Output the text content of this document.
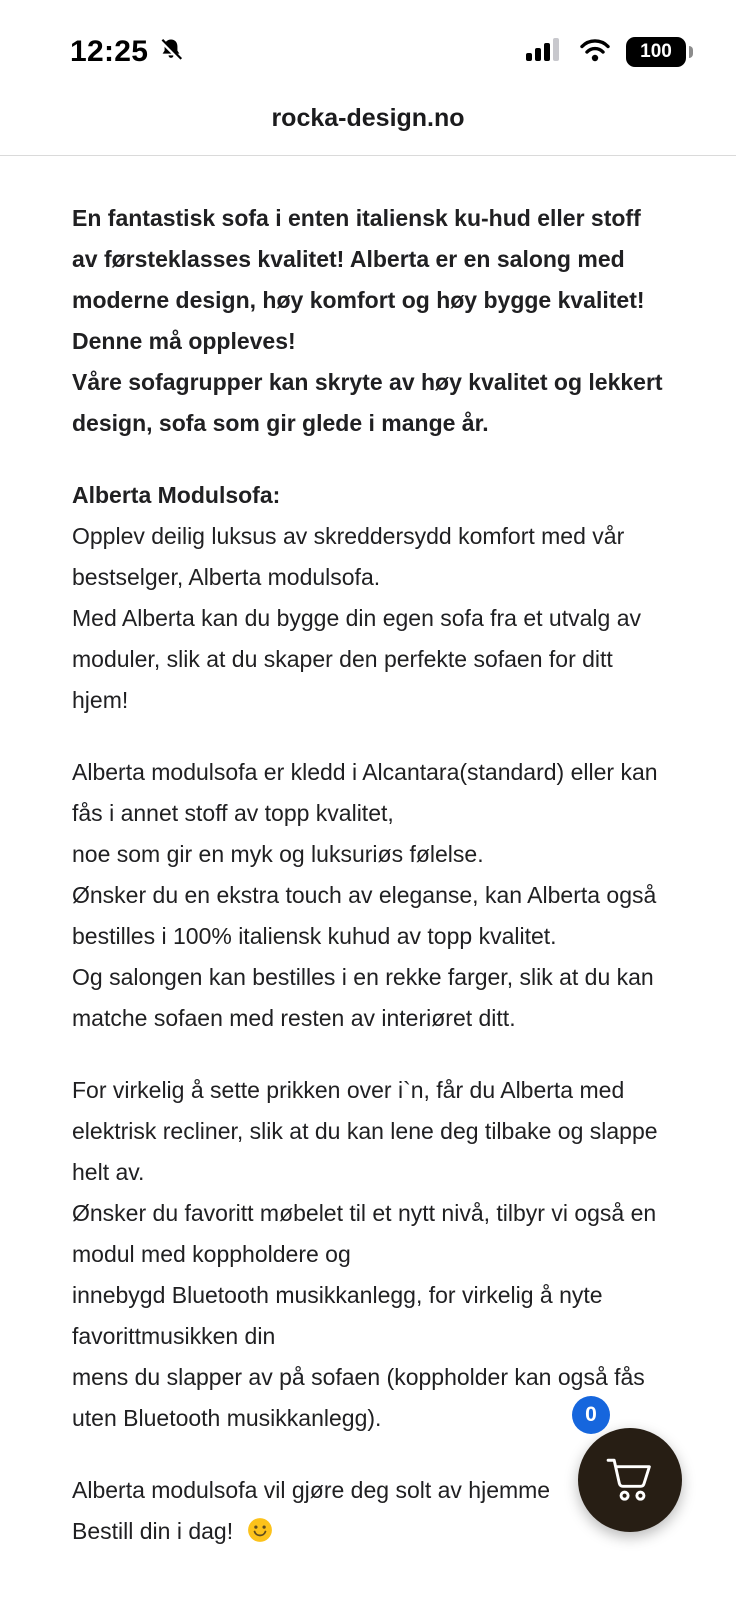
12:25	100
rocka-design.no
En fantastisk sofa i enten italiensk ku-hud eller stoff av førsteklasses kvalitet! Alberta er en salong med moderne design, høy komfort og høy bygge kvalitet! Denne må oppleves!
Våre sofagrupper kan skryte av høy kvalitet og lekkert design, sofa som gir glede i mange år.
Alberta Modulsofa:
Opplev deilig luksus av skreddersydd komfort med vår bestselger, Alberta modulsofa.
Med Alberta kan du bygge din egen sofa fra et utvalg av moduler, slik at du skaper den perfekte sofaen for ditt hjem!
Alberta modulsofa er kledd i Alcantara(standard) eller kan fås i annet stoff av topp kvalitet,
noe som gir en myk og luksuriøs følelse.
Ønsker du en ekstra touch av eleganse, kan Alberta også bestilles i 100% italiensk kuhud av topp kvalitet.
Og salongen kan bestilles i en rekke farger, slik at du kan matche sofaen med resten av interiøret ditt.
For virkelig å sette prikken over i`n, får du Alberta med elektrisk recliner, slik at du kan lene deg tilbake og slappe helt av.
Ønsker du favoritt møbelet til et nytt nivå, tilbyr vi også en modul med koppholdere og
innebygd Bluetooth musikkanlegg, for virkelig å nyte favorittmusikken din
mens du slapper av på sofaen (koppholder kan også fås uten Bluetooth musikkanlegg).
Alberta modulsofa vil gjøre deg solt av hjemme
Bestill din i dag!
0
